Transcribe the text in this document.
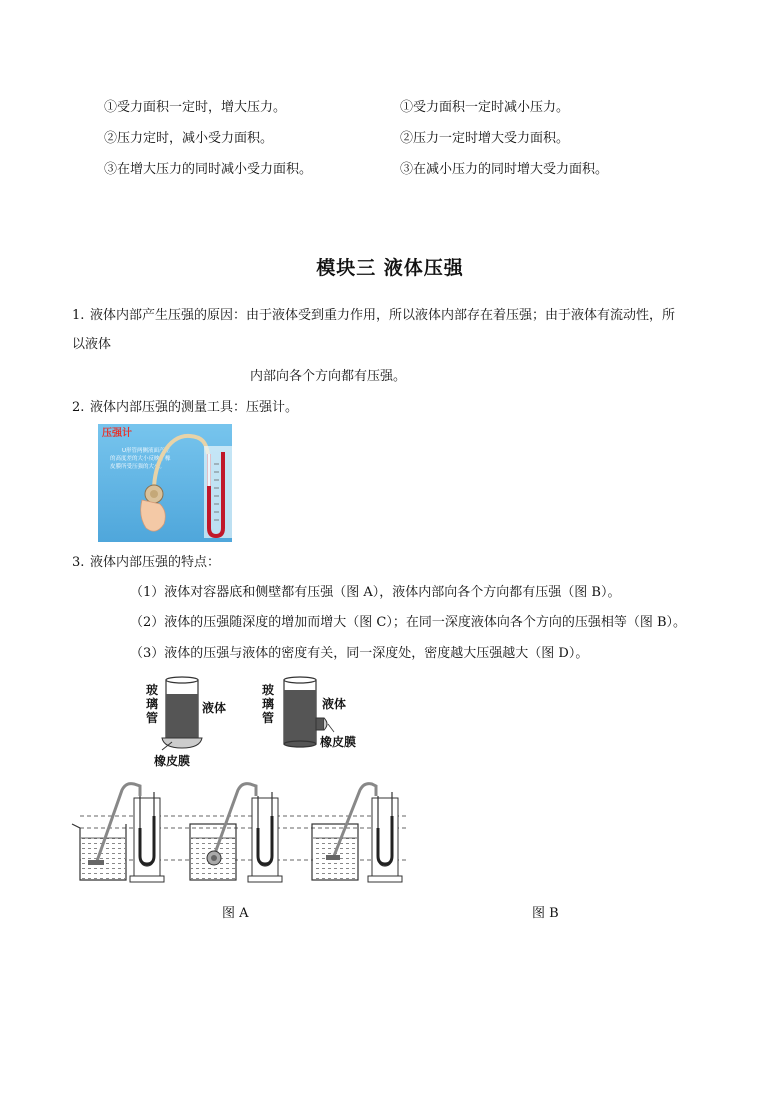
①受力面积一定时，增大压力。
②压力定时，减小受力面积。
③在增大压力的同时减小受力面积。
①受力面积一定时减小压力。
②压力一定时增大受力面积。
③在减小压力的同时增大受力面积。
模块三 液体压强
1. 液体内部产生压强的原因：由于液体受到重力作用，所以液体内部存在着压强；由于液体有流动性，所
以液体
内部向各个方向都有压强。
2. 液体内部压强的测量工具：压强计。
压强计
U形管两侧液面产生
的高度差的大小反映了橡
皮膜所受压强的大小。
3. 液体内部压强的特点：
（1）液体对容器底和侧壁都有压强（图 A），液体内部向各个方向都有压强（图 B）。
（2）液体的压强随深度的增加而增大（图 C）；在同一深度液体向各个方向的压强相等（图 B）。
（3）液体的压强与液体的密度有关，同一深度处，密度越大压强越大（图 D）。
玻
璃
管
液体
橡皮膜
玻
璃
管
液体
橡皮膜
图 A	图 B
